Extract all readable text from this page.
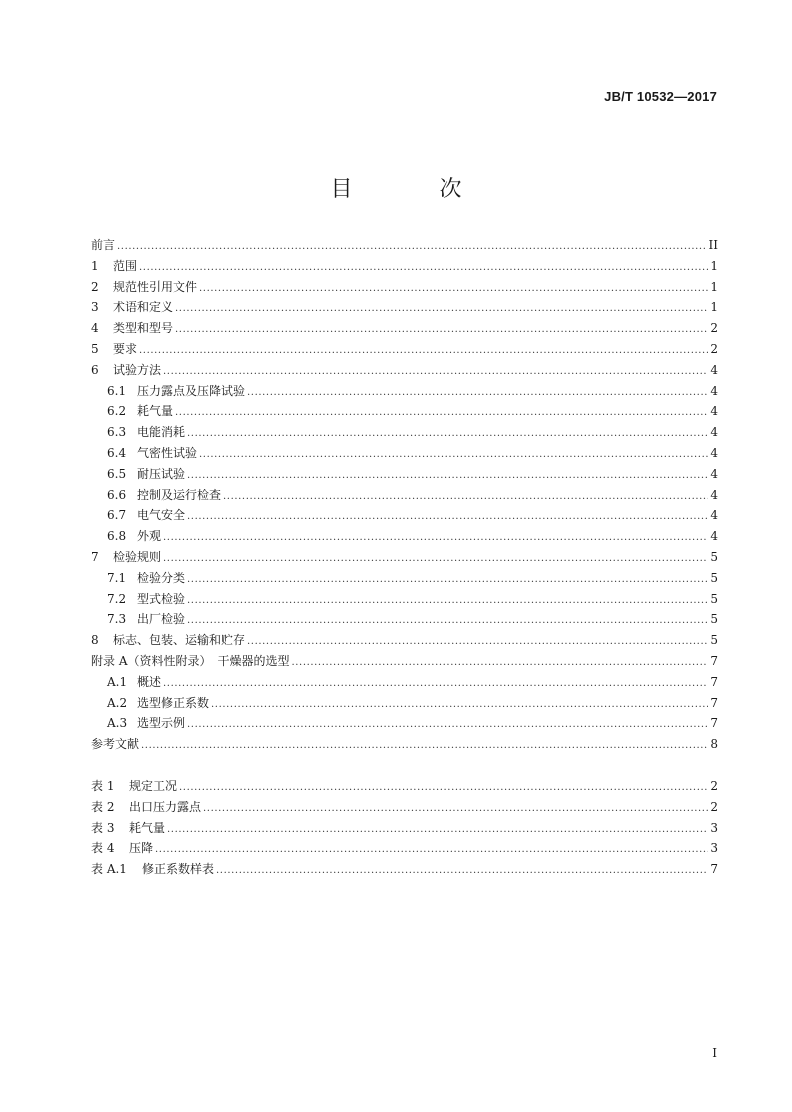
JB/T 10532—2017
目 次
前言 .....	II
1	范围 .....	1
2	规范性引用文件 .....	1
3	术语和定义 .....	1
4	类型和型号 .....	2
5	要求 .....	2
6	试验方法 .....	4
6.1 压力露点及压降试验 .....	4
6.2 耗气量 .....	4
6.3 电能消耗 .....	4
6.4 气密性试验 .....	4
6.5 耐压试验 .....	4
6.6 控制及运行检查 .....	4
6.7 电气安全 .....	4
6.8 外观 .....	4
7	检验规则 .....	5
7.1 检验分类 .....	5
7.2 型式检验 .....	5
7.3 出厂检验 .....	5
8	标志、包装、运输和贮存 .....	5
附录 A（资料性附录）　干燥器的选型 .....	7
A.1 概述 .....	7
A.2 选型修正系数 .....	7
A.3 选型示例 .....	7
参考文献 .....	8
表 1	规定工况 .....	2
表 2	出口压力露点 .....	2
表 3	耗气量 .....	3
表 4	压降 .....	3
表 A.1	修正系数样表 .....	7
I
